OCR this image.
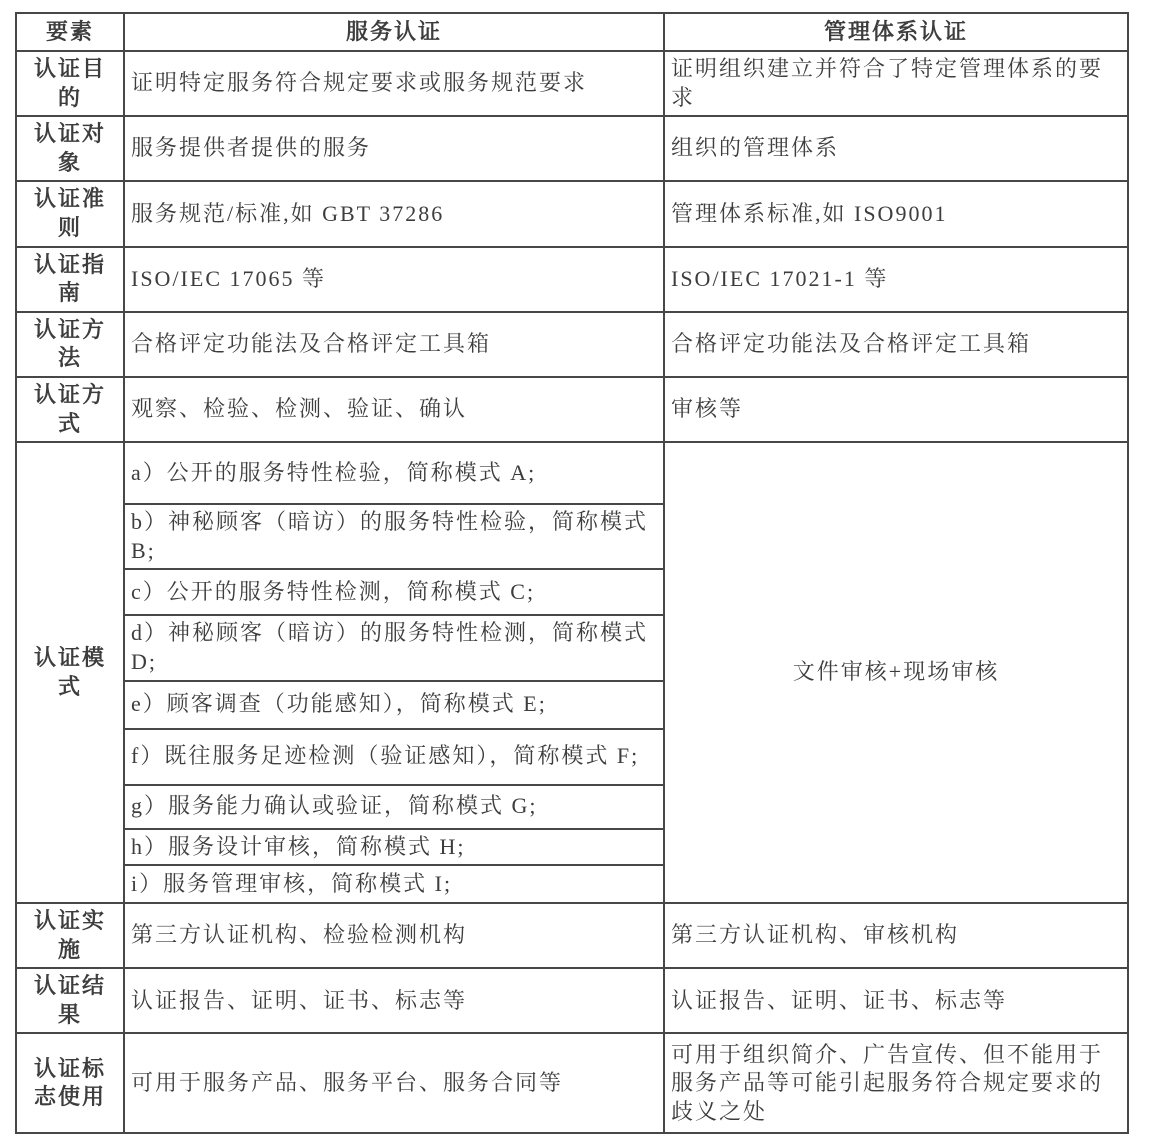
要素	服务认证	管理体系认证
认证目的	证明特定服务符合规定要求或服务规范要求	证明组织建立并符合了特定管理体系的要求
认证对象	服务提供者提供的服务	组织的管理体系
认证准则	服务规范/标准,如 GBT 37286	管理体系标准,如 ISO9001
认证指南	ISO/IEC 17065 等	ISO/IEC 17021-1 等
认证方法	合格评定功能法及合格评定工具箱	合格评定功能法及合格评定工具箱
认证方式	观察、检验、检测、验证、确认	审核等
认证模式	a）公开的服务特性检验，简称模式 A;	文件审核+现场审核
	b）神秘顾客（暗访）的服务特性检验，简称模式 B;	
	c）公开的服务特性检测，简称模式 C;	
	d）神秘顾客（暗访）的服务特性检测，简称模式 D;	
	e）顾客调查（功能感知），简称模式 E;	
	f）既往服务足迹检测（验证感知），简称模式 F;	
	g）服务能力确认或验证，简称模式 G;	
	h）服务设计审核，简称模式 H;	
	i）服务管理审核，简称模式 I;	
认证实施	第三方认证机构、检验检测机构	第三方认证机构、审核机构
认证结果	认证报告、证明、证书、标志等	认证报告、证明、证书、标志等
认证标志使用	可用于服务产品、服务平台、服务合同等	可用于组织简介、广告宣传、但不能用于服务产品等可能引起服务符合规定要求的歧义之处
